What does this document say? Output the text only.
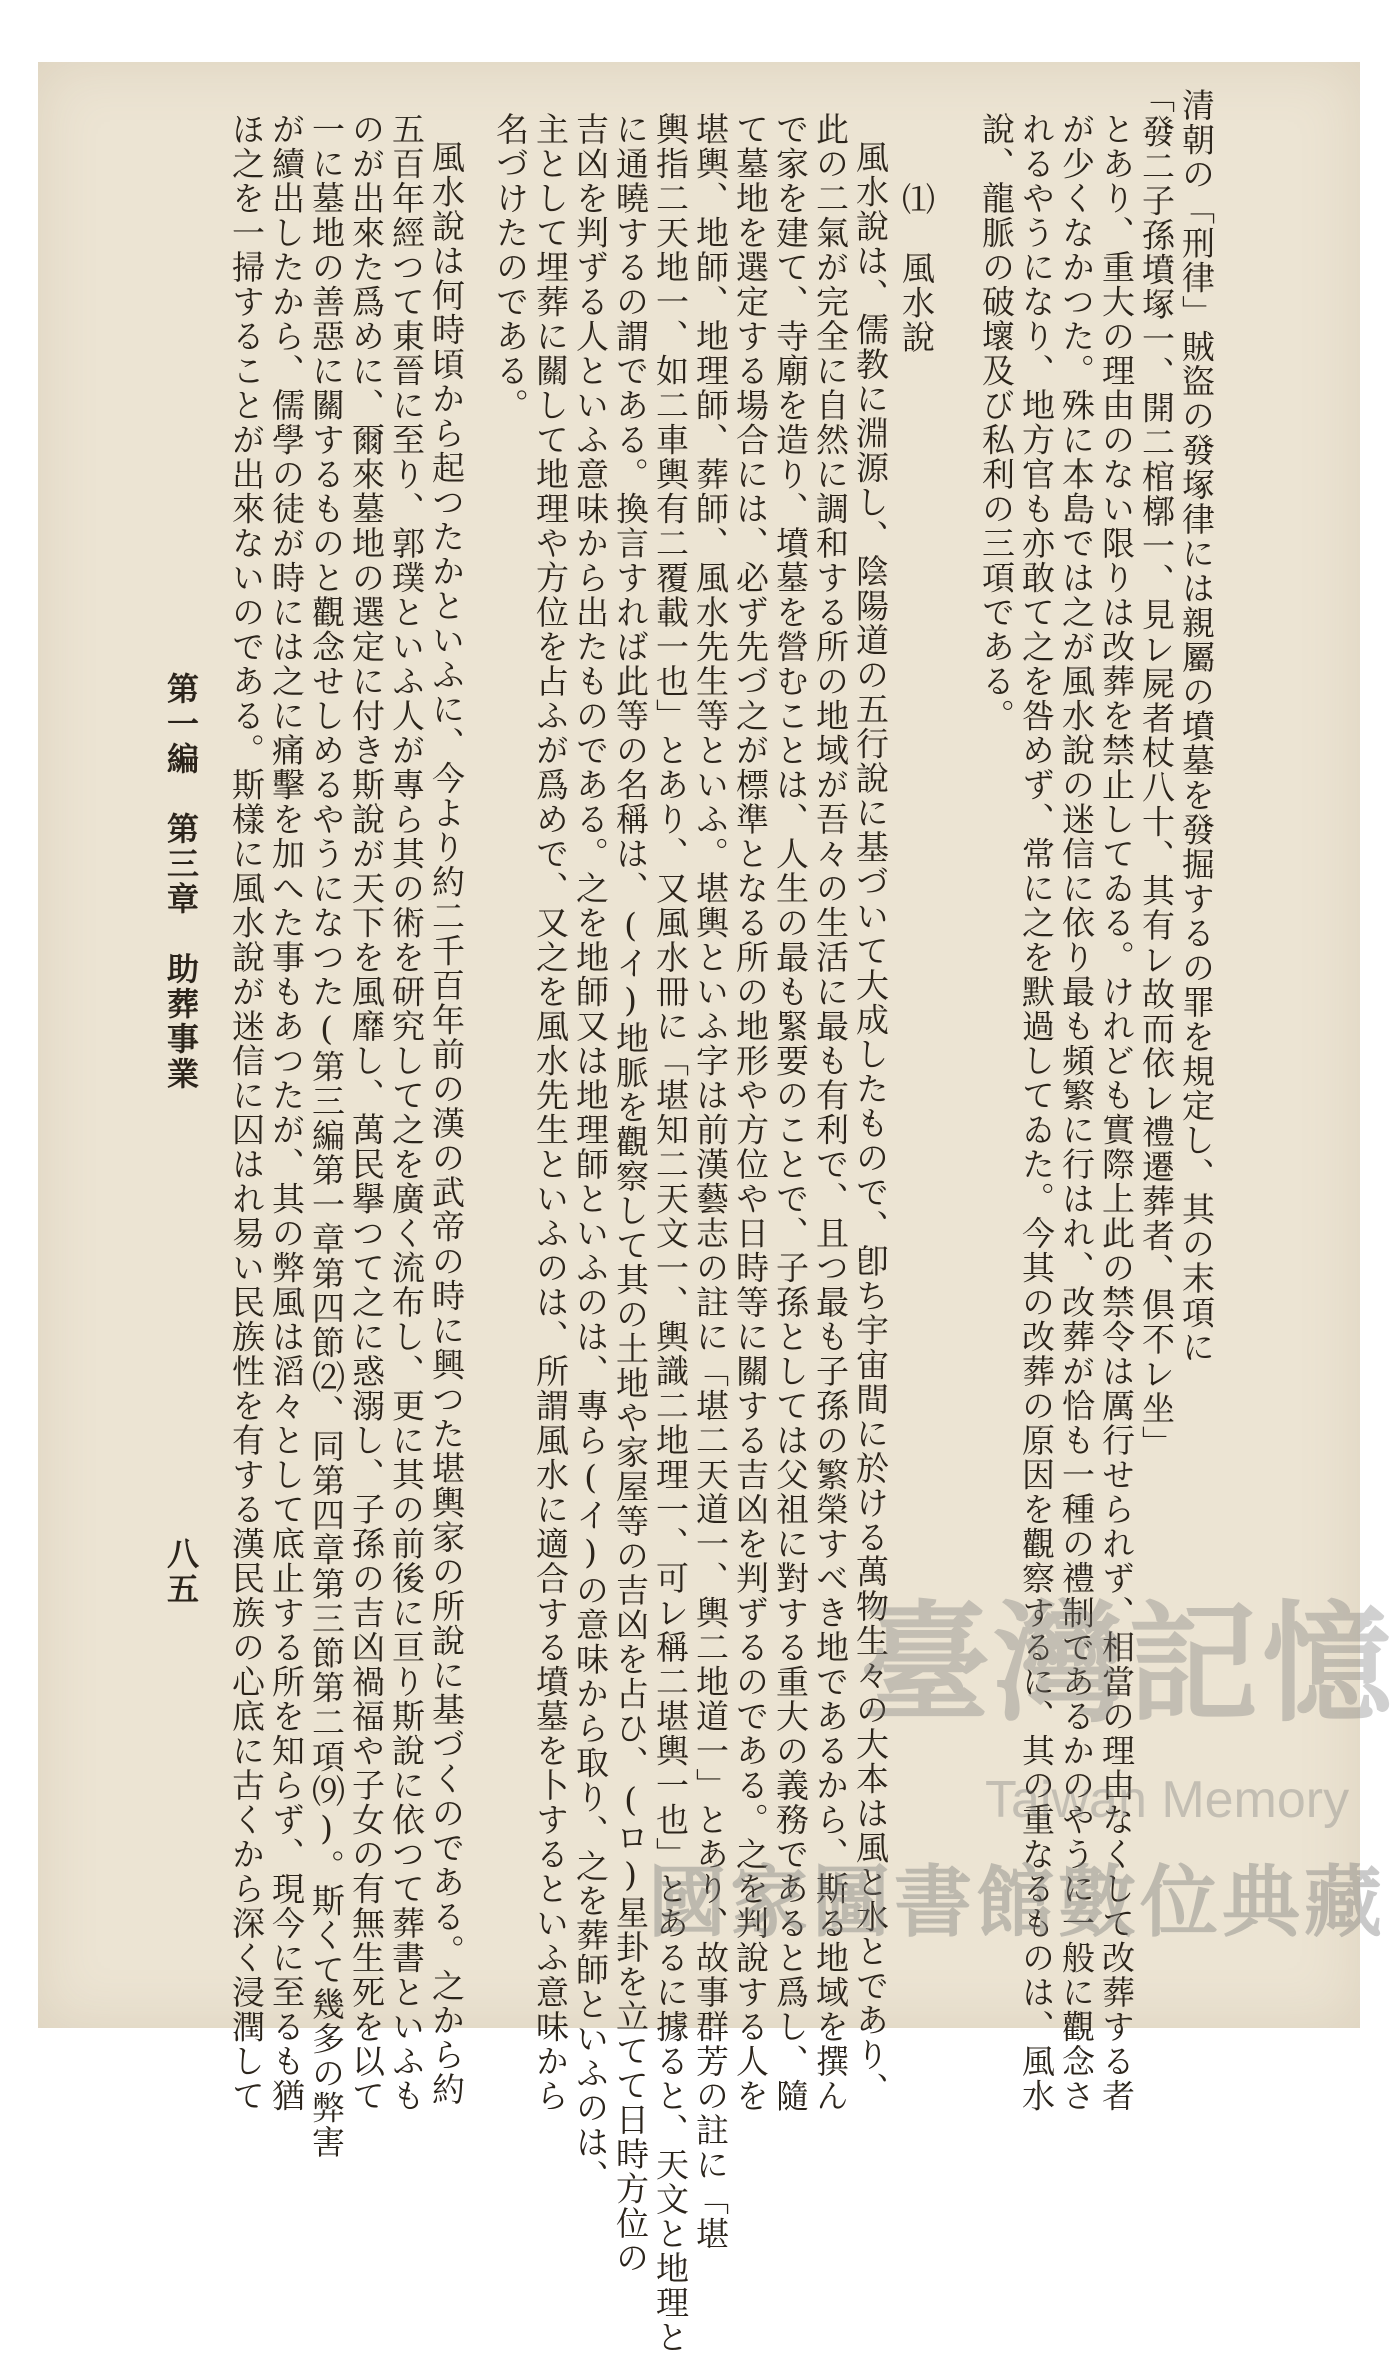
清朝の「刑律」賊盜の發塚律には親屬の墳墓を發掘するの罪を規定し、其の末項に
「發二子孫墳塚一、開二棺槨一、見レ屍者杖八十、其有レ故而依レ禮遷葬者、俱不レ坐」
とあり、重大の理由のない限りは改葬を禁止してゐる。けれども實際上此の禁令は厲行せられず、相當の理由なくして改葬する者
が少くなかつた。殊に本島では之が風水說の迷信に依り最も頻繁に行はれ、改葬が恰も一種の禮制であるかのやうに一般に觀念さ
れるやうになり、地方官も亦敢て之を咎めず、常に之を默過してゐた。今其の改葬の原因を觀察するに、其の重なるものは、風水
說、龍脈の破壞及び私利の三項である。
⑴　風水說
風水說は、儒教に淵源し、陰陽道の五行說に基づいて大成したもので、卽ち宇宙間に於ける萬物生々の大本は風と水とであり、
此の二氣が完全に自然に調和する所の地域が吾々の生活に最も有利で、且つ最も子孫の繁榮すべき地であるから、斯る地域を撰ん
で家を建て、寺廟を造り、墳墓を營むことは、人生の最も緊要のことで、子孫としては父祖に對する重大の義務であると爲し、隨
て墓地を選定する場合には、必ず先づ之が標準となる所の地形や方位や日時等に關する吉凶を判ずるのである。之を判說する人を
堪輿、地師、地理師、葬師、風水先生等といふ。堪輿といふ字は前漢藝志の註に「堪二天道一、輿二地道一」とあり、故事群芳の註に「堪
輿指二天地一、如二車輿有二覆載一也」とあり、又風水冊に「堪知二天文一、輿識二地理一、可レ稱二堪輿一也」とあるに據ると、天文と地理と
に通曉するの謂である。換言すれば此等の名稱は、(イ)地脈を觀察して其の土地や家屋等の吉凶を占ひ、(ロ)星卦を立てて日時方位の
吉凶を判ずる人といふ意味から出たものである。之を地師又は地理師といふのは、專ら(イ)の意味から取り、之を葬師といふのは、
主として埋葬に關して地理や方位を占ふが爲めで、又之を風水先生といふのは、所謂風水に適合する墳墓を卜するといふ意味から
名づけたのである。
風水說は何時頃から起つたかといふに、今より約二千百年前の漢の武帝の時に興つた堪輿家の所說に基づくのである。之から約
五百年經つて東晉に至り、郭璞といふ人が專ら其の術を研究して之を廣く流布し、更に其の前後に亘り斯說に依つて葬書といふも
のが出來た爲めに、爾來墓地の選定に付き斯說が天下を風靡し、萬民擧つて之に惑溺し、子孫の吉凶禍福や子女の有無生死を以て
一に墓地の善惡に關するものと觀念せしめるやうになつた(第三編第一章第四節⑵、同第四章第三節第二項⑼)。斯くて幾多の弊害
が續出したから、儒學の徒が時には之に痛擊を加へた事もあつたが、其の弊風は滔々として底止する所を知らず、現今に至るも猶
ほ之を一掃することが出來ないのである。斯樣に風水說が迷信に囚はれ易い民族性を有する漢民族の心底に古くから深く浸潤して
第一編　第三章　助葬事業
八五
臺灣記憶
Taiwan Memory
國家圖書館數位典藏
